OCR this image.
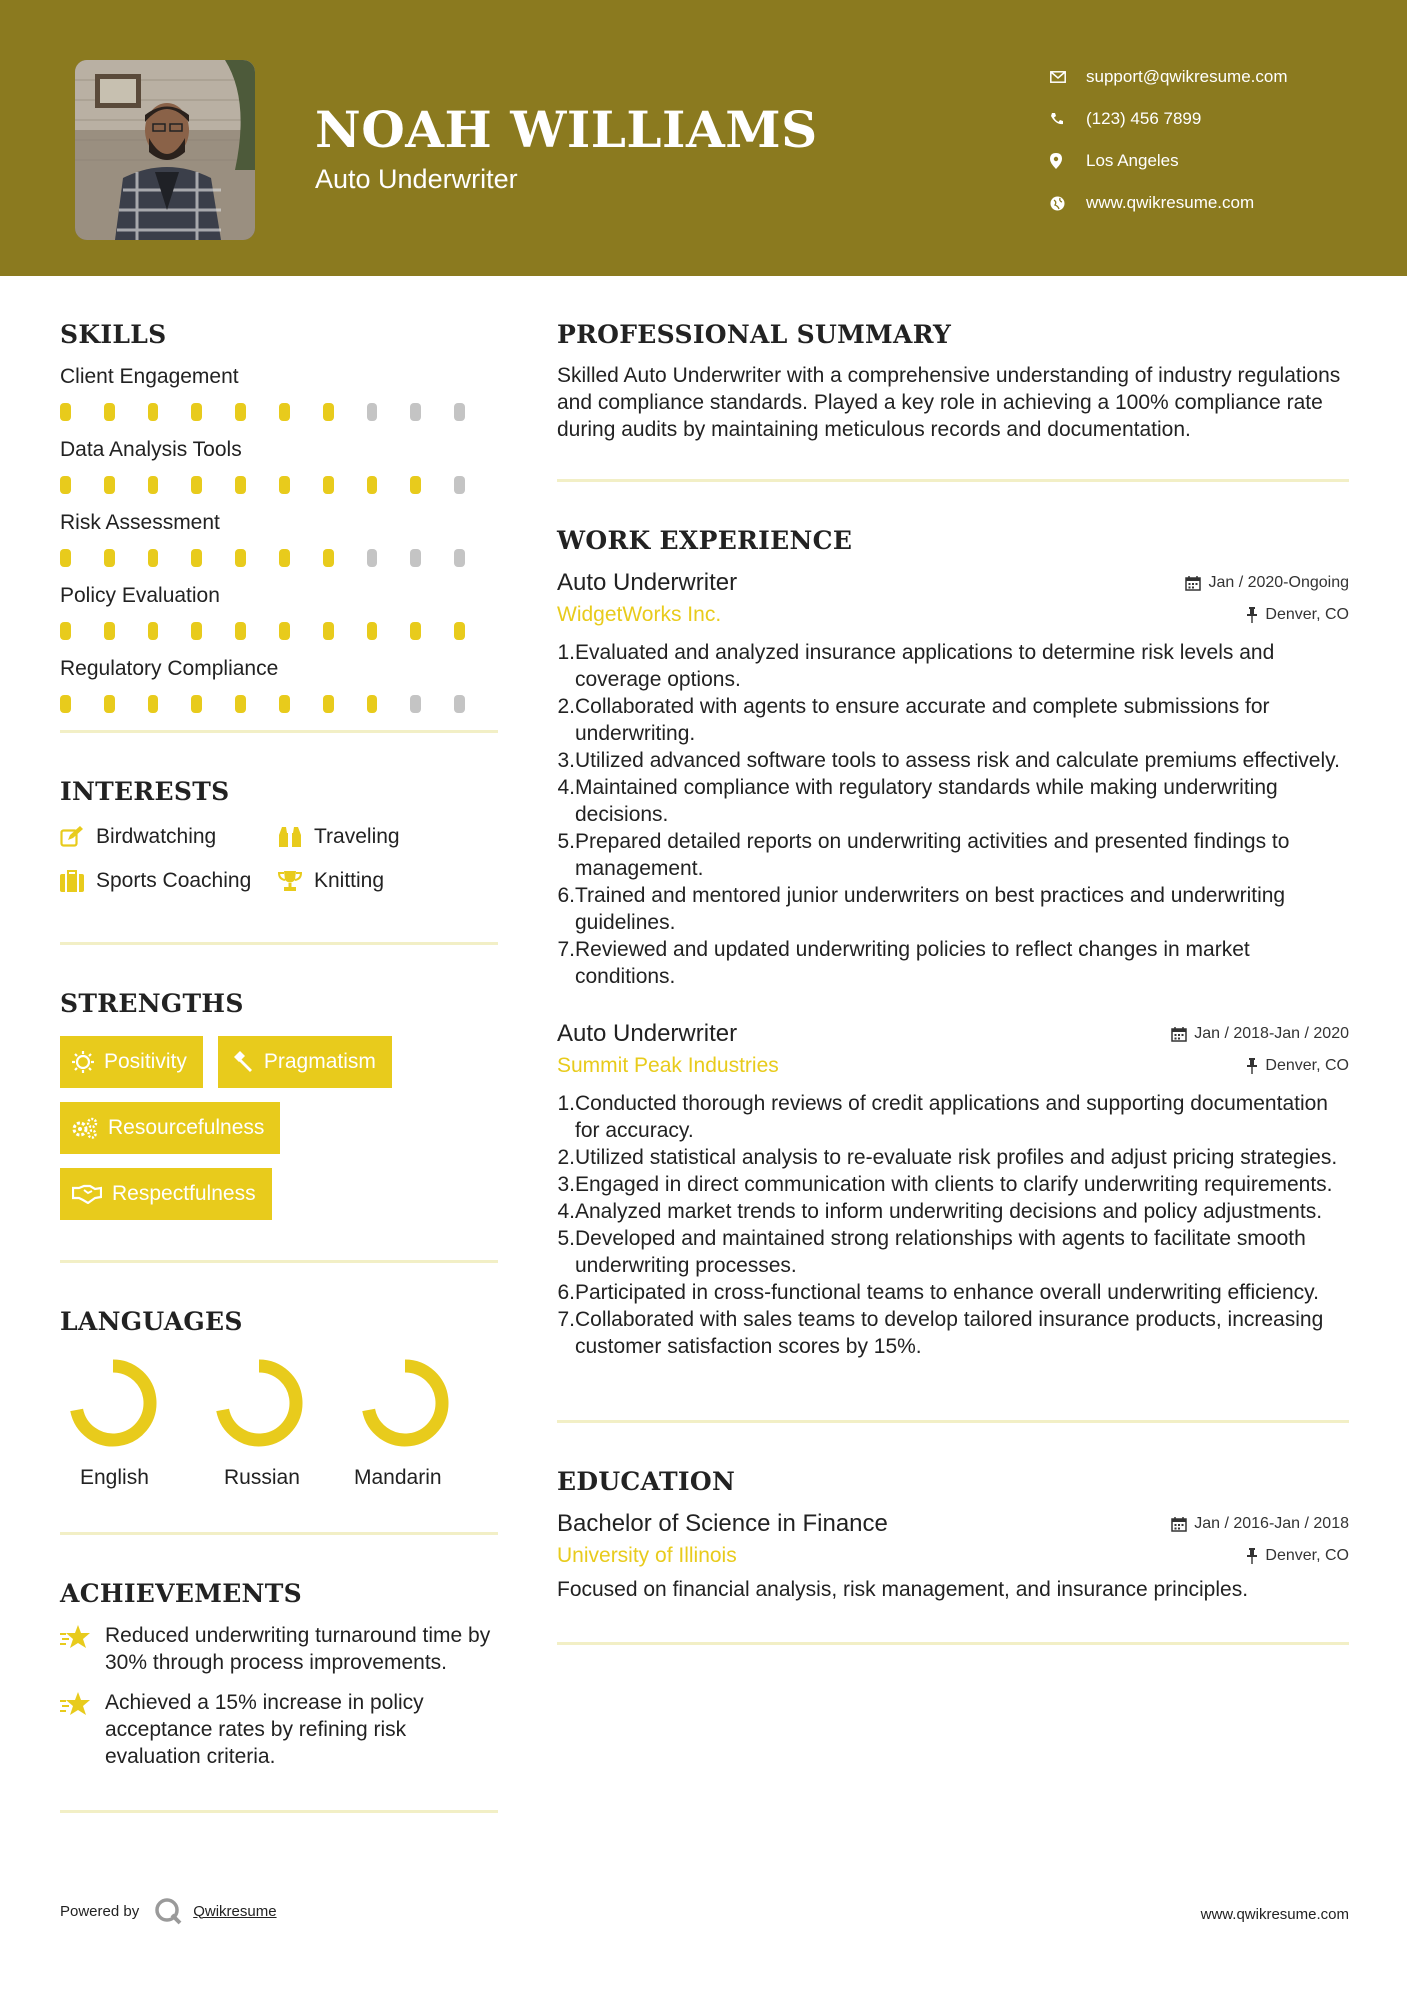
NOAH WILLIAMS
Auto Underwriter
support@qwikresume.com
(123) 456 7899
Los Angeles
www.qwikresume.com
SKILLS
Client Engagement
Data Analysis Tools
Risk Assessment
Policy Evaluation
Regulatory Compliance
INTERESTS
Birdwatching	Traveling
Sports Coaching	Knitting
STRENGTHS
Positivity	Pragmatism
Resourcefulness
Respectfulness
LANGUAGES
English	Russian	Mandarin
ACHIEVEMENTS
Reduced underwriting turnaround time by 30% through process improvements.
Achieved a 15% increase in policy acceptance rates by refining risk evaluation criteria.
PROFESSIONAL SUMMARY
Skilled Auto Underwriter with a comprehensive understanding of industry regulations and compliance standards. Played a key role in achieving a 100% compliance rate during audits by maintaining meticulous records and documentation.
WORK EXPERIENCE
Auto Underwriter	Jan / 2020-Ongoing
WidgetWorks Inc.	Denver, CO
1. Evaluated and analyzed insurance applications to determine risk levels and coverage options.
2. Collaborated with agents to ensure accurate and complete submissions for underwriting.
3. Utilized advanced software tools to assess risk and calculate premiums effectively.
4. Maintained compliance with regulatory standards while making underwriting decisions.
5. Prepared detailed reports on underwriting activities and presented findings to management.
6. Trained and mentored junior underwriters on best practices and underwriting guidelines.
7. Reviewed and updated underwriting policies to reflect changes in market conditions.
Auto Underwriter	Jan / 2018-Jan / 2020
Summit Peak Industries	Denver, CO
1. Conducted thorough reviews of credit applications and supporting documentation for accuracy.
2. Utilized statistical analysis to re-evaluate risk profiles and adjust pricing strategies.
3. Engaged in direct communication with clients to clarify underwriting requirements.
4. Analyzed market trends to inform underwriting decisions and policy adjustments.
5. Developed and maintained strong relationships with agents to facilitate smooth underwriting processes.
6. Participated in cross-functional teams to enhance overall underwriting efficiency.
7. Collaborated with sales teams to develop tailored insurance products, increasing customer satisfaction scores by 15%.
EDUCATION
Bachelor of Science in Finance	Jan / 2016-Jan / 2018
University of Illinois	Denver, CO
Focused on financial analysis, risk management, and insurance principles.
Powered by	Qwikresume	www.qwikresume.com
